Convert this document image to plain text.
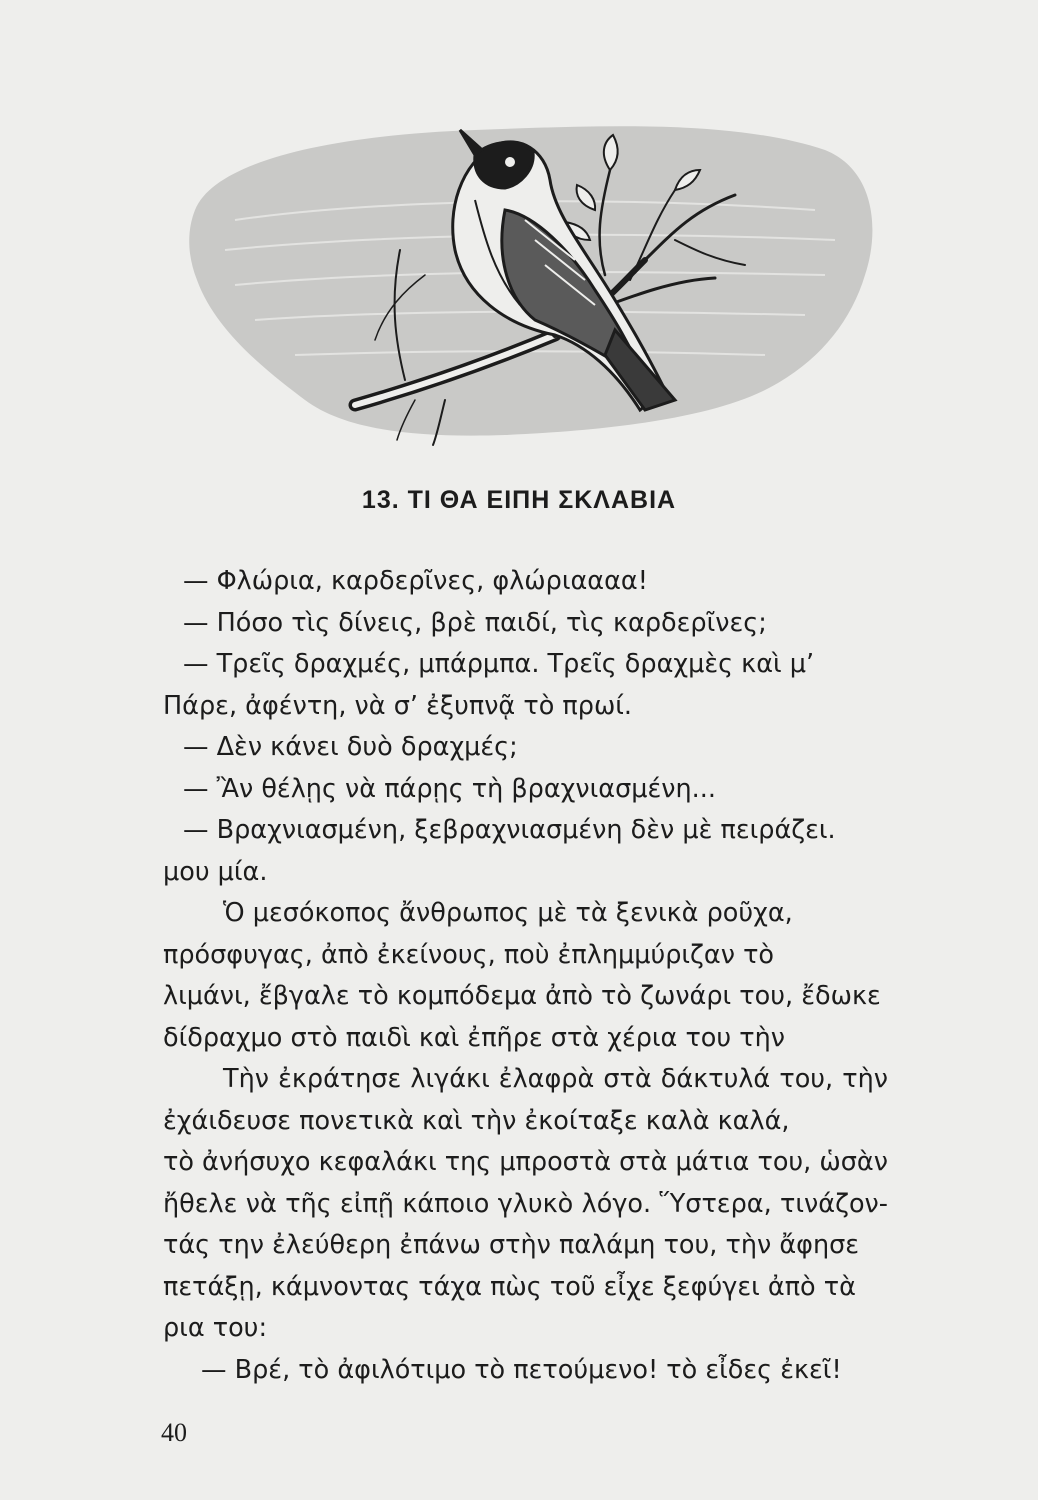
13. ΤΙ ΘΑ ΕΙΠΗ ΣΚΛΑΒΙΑ
— Φλώρια, καρδερῖνες, φλώριαααα!
— Πόσο τὶς δίνεις, βρὲ παιδί, τὶς καρδερῖνες;
— Τρεῖς δραχμές, μπάρμπα. Τρεῖς δραχμὲς καὶ μ’
Πάρε, ἀφέντη, νὰ σ’ ἐξυπνᾷ τὸ πρωί.
— Δὲν κάνει δυὸ δραχμές;
— Ἂν θέλῃς νὰ πάρῃς τὴ βραχνιασμένη...
— Βραχνιασμένη, ξεβραχνιασμένη δὲν μὲ πειράζει.
μου μία.
Ὁ μεσόκοπος ἄνθρωπος μὲ τὰ ξενικὰ ροῦχα,
πρόσφυγας, ἀπὸ ἐκείνους, ποὺ ἐπλημμύριζαν τὸ
λιμάνι, ἔβγαλε τὸ κομπόδεμα ἀπὸ τὸ ζωνάρι του, ἔδωκε
δίδραχμο στὸ παιδὶ καὶ ἐπῆρε στὰ χέρια του τὴν
Τὴν ἐκράτησε λιγάκι ἐλαφρὰ στὰ δάκτυλά του, τὴν
ἐχάιδευσε πονετικὰ καὶ τὴν ἐκοίταξε καλὰ καλά,
τὸ ἀνήσυχο κεφαλάκι της μπροστὰ στὰ μάτια του, ὡσὰν
ἤθελε νὰ τῆς εἰπῇ κάποιο γλυκὸ λόγο. Ὕστερα, τινάζον-
τάς την ἐλεύθερη ἐπάνω στὴν παλάμη του, τὴν ἄφησε
πετάξῃ, κάμνοντας τάχα πὼς τοῦ εἶχε ξεφύγει ἀπὸ τὰ
ρια του:
— Βρέ, τὸ ἀφιλότιμο τὸ πετούμενο! τὸ εἶδες ἐκεῖ!
40
